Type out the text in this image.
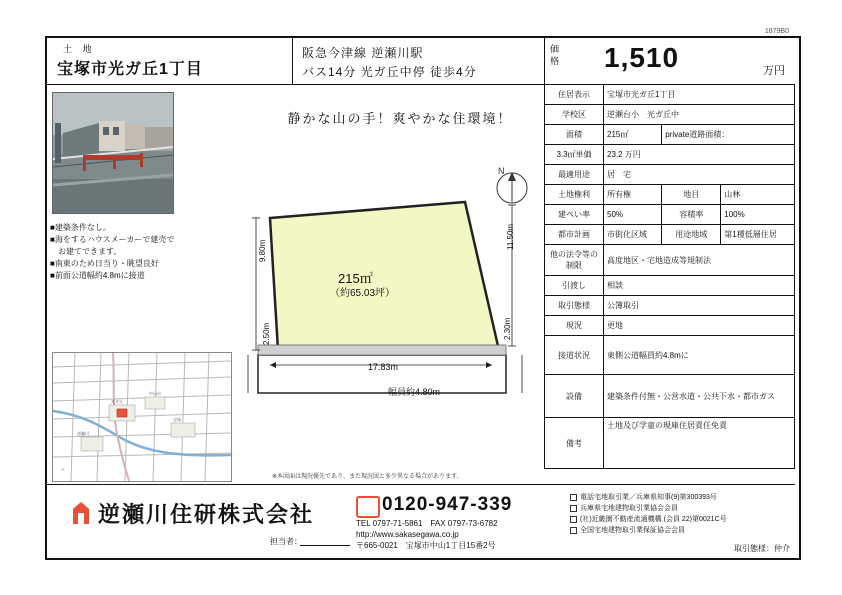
土 地
宝塚市光ガ丘1丁目
阪急今津線 逆瀬川駅
バス14分 光ガ丘中停 徒歩4分
1879B0
価格 1,510	万円
■建築条件なし。
■海をするハウスメーカーで建売で
　お建てできます。
■南東のため日当り・眺望良好
■前面公道幅約4.8mに接道
光ガ丘
中山台
逆瀬川
宝塚
＊
静かな山の手！爽やかな住環境！
N
215㎡
（約65.03坪）
17.83m
幅員約4.80m
9.80m
2.50m
11.50m
2.30m
※本図面は現況優先であり、また現況図と多少異なる場合があります。
住居表示	宝塚市光ガ丘1丁目		
学校区	逆瀬台小　光ガ丘中		
面積	215㎡	private道路面積：	
3.3㎡単価	23.2 万円		
最適用途	居　宅		
土地権利	所有権	地目	山林
建ぺい率	50%	容積率	100%
都市計画	市街化区域	用途地域	第1種低層住居
他の法令等の制限	高度地区・宅地造成等規制法		
引渡し	相談		
取引態様	公簿取引		
現況	更地		
接道状況	東側公道幅員約4.8mに		
設備	建築条件付無・公営水道・公共下水・都市ガス		
備考	土地及び学童の現庫住居責任免責		
逆瀬川住研株式会社
担当者：
0120-947-339
TEL 0797-71-5861　FAX 0797-73-6782
http://www.sakasegawa.co.jp
〒665-0021　宝塚市中山1丁目15番2号
電話宅地取引業／兵庫県知事(9)第300393号
兵庫県宅地建物取引業協会会員
(社)近畿圏不動産流通機構 (会員 22)第0021C号
全国宅地建物取引業保証協会会員
取引態様：仲介
